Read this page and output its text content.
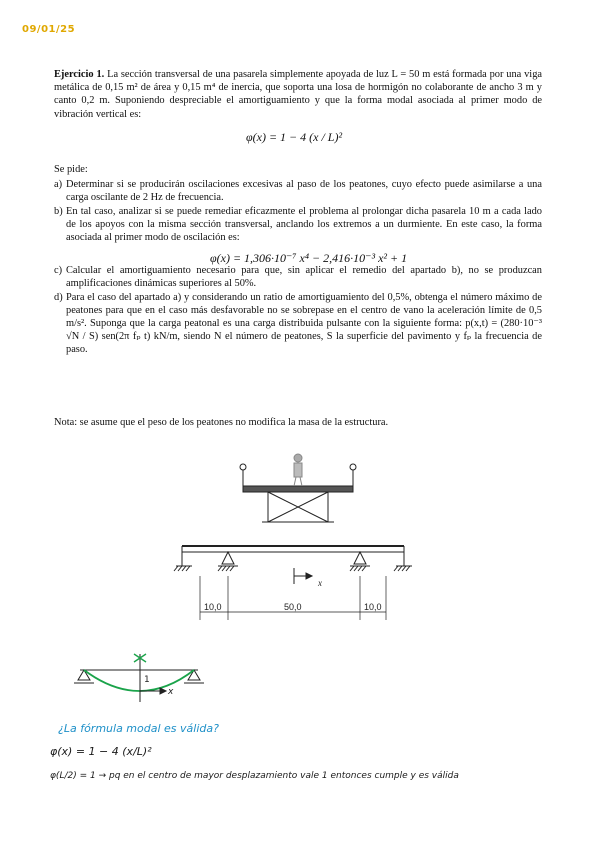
09/01/25
Ejercicio 1. La sección transversal de una pasarela simplemente apoyada de luz L = 50 m está formada por una viga metálica de 0,15 m² de área y 0,15 m⁴ de inercia, que soporta una losa de hormigón no colaborante de ancho 3 m y canto 0,2 m. Suponiendo despreciable el amortiguamiento y que la forma modal asociada al primer modo de vibración vertical es:
φ(x) = 1 − 4 (x / L)²
Se pide:
a) Determinar si se producirán oscilaciones excesivas al paso de los peatones, cuyo efecto puede asimilarse a una carga oscilante de 2 Hz de frecuencia.
b) En tal caso, analizar si se puede remediar eficazmente el problema al prolongar dicha pasarela 10 m a cada lado de los apoyos con la misma sección transversal, anclando los extremos a un durmiente. En este caso, la forma asociada al primer modo de oscilación es:
c) Calcular el amortiguamiento necesario para que, sin aplicar el remedio del apartado b), no se produzcan amplificaciones dinámicas superiores al 50%.
d) Para el caso del apartado a) y considerando un ratio de amortiguamiento del 0,5%, obtenga el número máximo de peatones para que en el caso más desfavorable no se sobrepase en el centro de vano la aceleración límite de 0,5 m/s². Suponga que la carga peatonal es una carga distribuida pulsante con la siguiente forma: p(x,t) = (280·10⁻³ √N / S) sen(2π fₚ t) kN/m, siendo N el número de peatones, S la superficie del pavimento y fₚ la frecuencia de paso.
φ(x) = 1,306·10⁻⁷ x⁴ − 2,416·10⁻³ x² + 1
Nota: se asume que el peso de los peatones no modifica la masa de la estructura.
x
10,0	50,0	10,0
1
x
¿La fórmula modal es válida?
φ(x) = 1 − 4 (x/L)²
φ(L/2) = 1 → pq en el centro de mayor desplazamiento vale 1 entonces cumple y es válida
